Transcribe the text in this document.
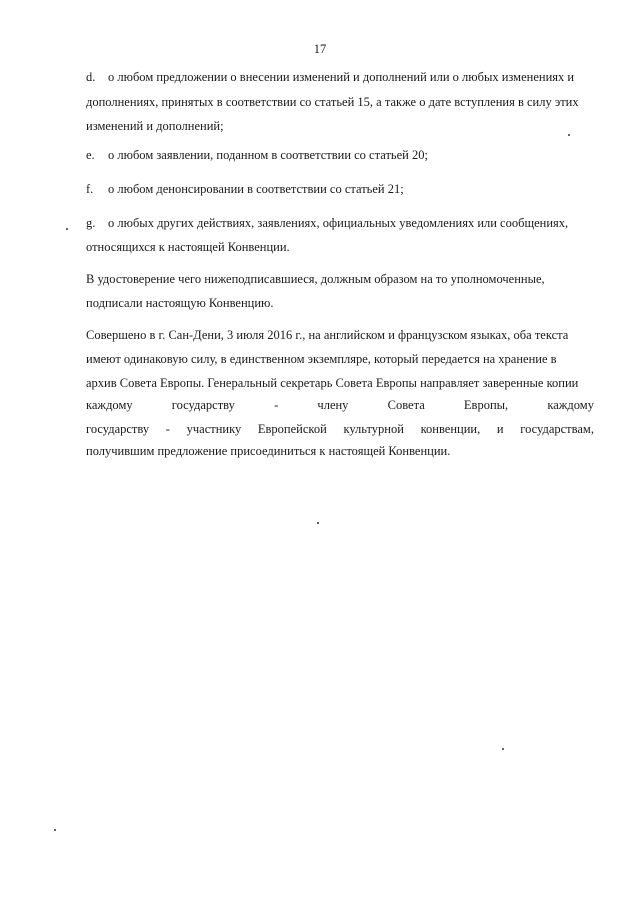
17
d. о любом предложении о внесении изменений и дополнений или о любых изменениях и
дополнениях, принятых в соответствии со статьей 15, а также о дате вступления в силу этих
изменений и дополнений;
e. о любом заявлении, поданном в соответствии со статьей 20;
f. о любом денонсировании в соответствии со статьей 21;
g. о любых других действиях, заявлениях, официальных уведомлениях или сообщениях,
относящихся к настоящей Конвенции.
В удостоверение чего нижеподписавшиеся, должным образом на то уполномоченные,
подписали настоящую Конвенцию.
Совершено в г. Сан-Дени, 3 июля 2016 г., на английском и французском языках, оба текста
имеют одинаковую силу, в единственном экземпляре, который передается на хранение в
архив Совета Европы. Генеральный секретарь Совета Европы направляет заверенные копии
каждому	государству	-	члену	Совета	Европы,	каждому
государству - участнику Европейской культурной конвенции, и государствам,
получившим предложение присоединиться к настоящей Конвенции.
